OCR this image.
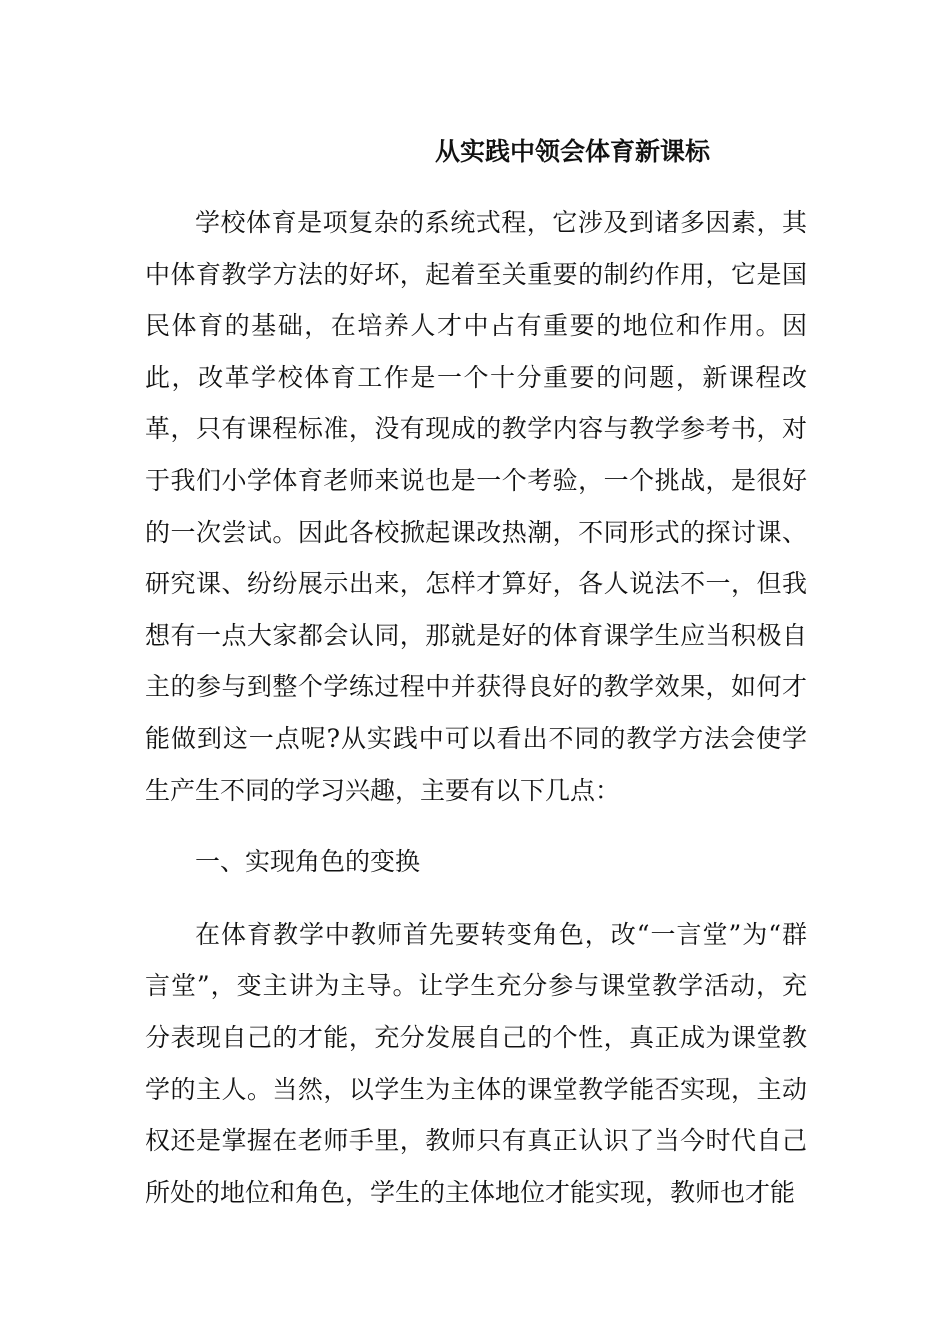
从实践中领会体育新课标

学校体育是项复杂的系统式程，它涉及到诸多因素，其中体育教学方法的好坏，起着至关重要的制约作用，它是国民体育的基础，在培养人才中占有重要的地位和作用。因此，改革学校体育工作是一个十分重要的问题，新课程改革，只有课程标准，没有现成的教学内容与教学参考书，对于我们小学体育老师来说也是一个考验，一个挑战，是很好的一次尝试。因此各校掀起课改热潮，不同形式的探讨课、研究课、纷纷展示出来，怎样才算好，各人说法不一，但我想有一点大家都会认同，那就是好的体育课学生应当积极自主的参与到整个学练过程中并获得良好的教学效果，如何才能做到这一点呢?从实践中可以看出不同的教学方法会使学生产生不同的学习兴趣，主要有以下几点：

一、实现角色的变换

在体育教学中教师首先要转变角色，改“一言堂”为“群言堂”，变主讲为主导。让学生充分参与课堂教学活动，充分表现自己的才能，充分发展自己的个性，真正成为课堂教学的主人。当然，以学生为主体的课堂教学能否实现，主动权还是掌握在老师手里，教师只有真正认识了当今时代自己所处的地位和角色，学生的主体地位才能实现，教师也才能
